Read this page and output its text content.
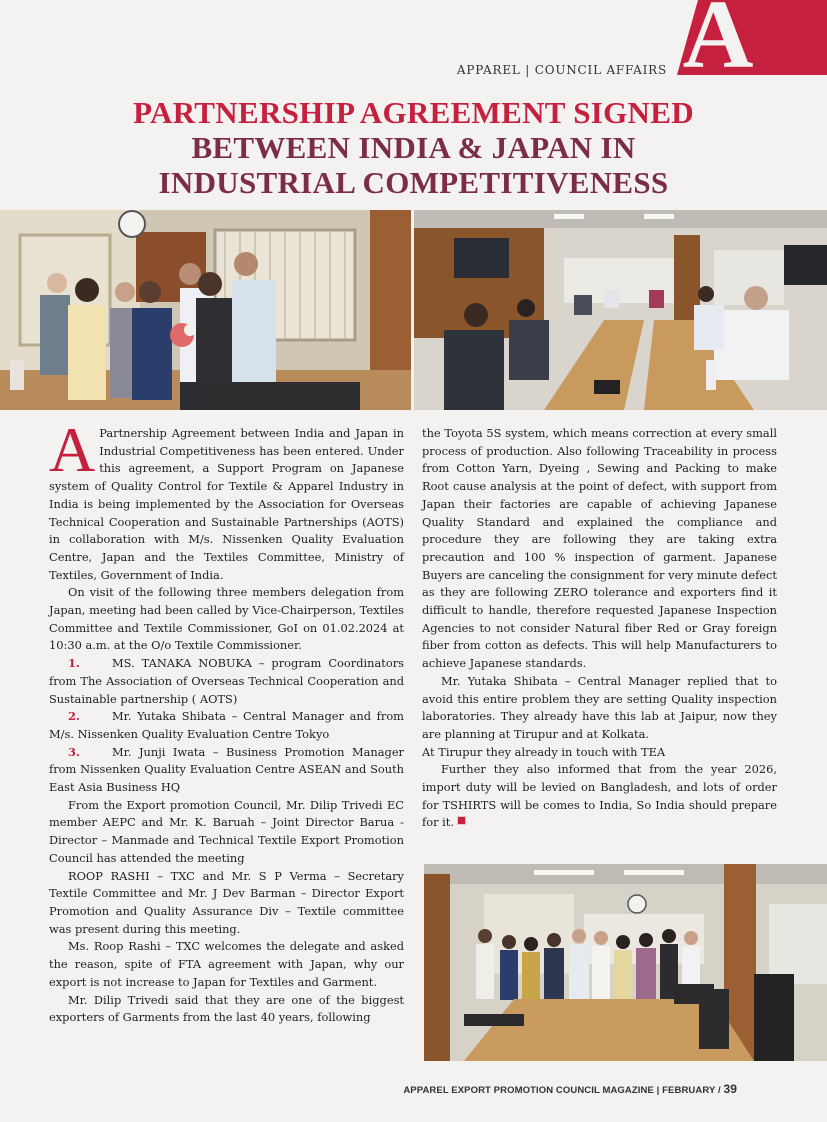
A
APPAREL | COUNCIL AFFAIRS
PARTNERSHIP AGREEMENT SIGNED
BETWEEN INDIA & JAPAN IN
INDUSTRIAL COMPETITIVENESS

A Partnership Agreement between India and Japan in Industrial Competitiveness has been entered. Under this agreement, a Support Program on Japanese system of Quality Control for Textile & Apparel Industry in India is being implemented by the Association for Overseas Technical Cooperation and Sustainable Partnerships (AOTS) in collaboration with M/s. Nissenken Quality Evaluation Centre, Japan and the Textiles Committee, Ministry of Textiles, Government of India.

On visit of the following three members delegation from Japan, meeting had been called by Vice-Chairperson, Textiles Committee and Textile Commissioner, GoI on 01.02.2024 at 10:30 a.m. at the O/o Textile Commissioner.

1.	MS. TANAKA NOBUKA – program Coordinators from The Association of Overseas Technical Cooperation and Sustainable partnership ( AOTS)

2.	Mr. Yutaka Shibata – Central Manager and from M/s. Nissenken Quality Evaluation Centre Tokyo

3.	Mr. Junji Iwata – Business Promotion Manager from Nissenken Quality Evaluation Centre ASEAN and South East Asia Business HQ

From the Export promotion Council, Mr. Dilip Trivedi EC member AEPC and Mr. K. Baruah – Joint Director Barua - Director – Manmade and Technical Textile Export Promotion Council has attended the meeting

ROOP RASHI – TXC and Mr. S P Verma – Secretary Textile Committee and Mr. J Dev Barman – Director Export Promotion and Quality Assurance Div – Textile committee was present during this meeting.

Ms. Roop Rashi – TXC welcomes the delegate and asked the reason, spite of FTA agreement with Japan, why our export is not increase to Japan for Textiles and Garment.

Mr. Dilip Trivedi said that they are one of the biggest exporters of Garments from the last 40 years, following

the Toyota 5S system, which means correction at every small process of production. Also following Traceability in process from Cotton Yarn, Dyeing , Sewing and Packing to make Root cause analysis at the point of defect, with support from Japan their factories are capable of achieving Japanese Quality Standard and explained the compliance and procedure they are following they are taking extra precaution and 100 % inspection of garment. Japanese Buyers are canceling the consignment for very minute defect as they are following ZERO tolerance and exporters find it difficult to handle, therefore requested Japanese Inspection Agencies to not consider Natural fiber Red or Gray foreign fiber from cotton as defects. This will help Manufacturers to achieve Japanese standards.

Mr. Yutaka Shibata – Central Manager replied that to avoid this entire problem they are setting Quality inspection laboratories. They already have this lab at Jaipur, now they are planning at Tirupur and at Kolkata.

At Tirupur they already in touch with TEA

Further they also informed that from the year 2026, import duty will be levied on Bangladesh, and lots of order for TSHIRTS will be comes to India, So India should prepare for it.

APPAREL EXPORT PROMOTION COUNCIL MAGAZINE | FEBRUARY / 39
